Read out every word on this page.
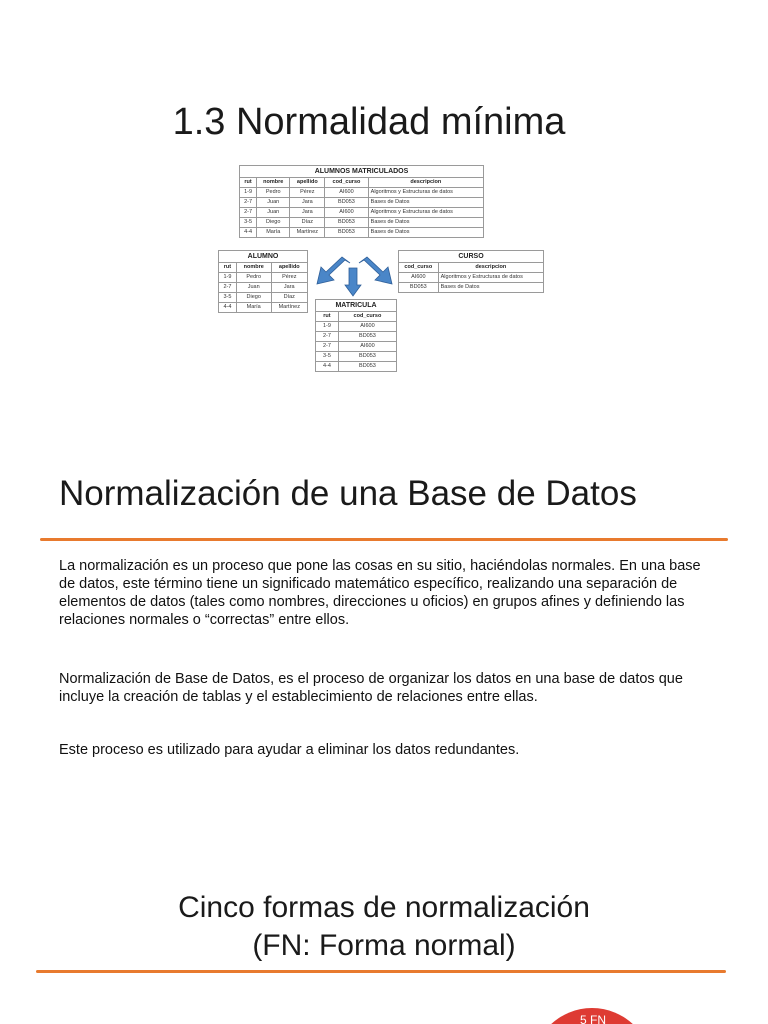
1.3 Normalidad mínima
ALUMNOS MATRICULADOS				
rut	nombre	apellido	cod_curso	descripcion
1-9	Pedro	Pérez	AI600	Algoritmos y Estructuras de datos
2-7	Juan	Jara	BD053	Bases de Datos
2-7	Juan	Jara	AI600	Algoritmos y Estructuras de datos
3-5	Diego	Díaz	BD053	Bases de Datos
4-4	María	Martínez	BD053	Bases de Datos
ALUMNO		
rut	nombre	apellido
1-9	Pedro	Pérez
2-7	Juan	Jara
3-5	Diego	Díaz
4-4	María	Martínez
CURSO	
cod_curso	descripcion
AI600	Algoritmos y Estructuras de datos
BD053	Bases de Datos
MATRICULA	
rut	cod_curso
1-9	AI600
2-7	BD053
2-7	AI600
3-5	BD053
4-4	BD053
Normalización de una Base de Datos

La normalización es un proceso que pone las cosas en su sitio, haciéndolas normales. En una base de datos, este término tiene un significado matemático específico, realizando una separación de elementos de datos (tales como nombres, direcciones u oficios) en grupos afines y definiendo las relaciones normales o “correctas” entre ellos.

Normalización de Base de Datos, es el proceso de organizar los datos en una base de datos que incluye la creación de tablas y el establecimiento de relaciones entre ellas.

Este proceso es utilizado para ayudar a eliminar los datos redundantes.

Cinco formas de normalización
(FN: Forma normal)
5 FN
